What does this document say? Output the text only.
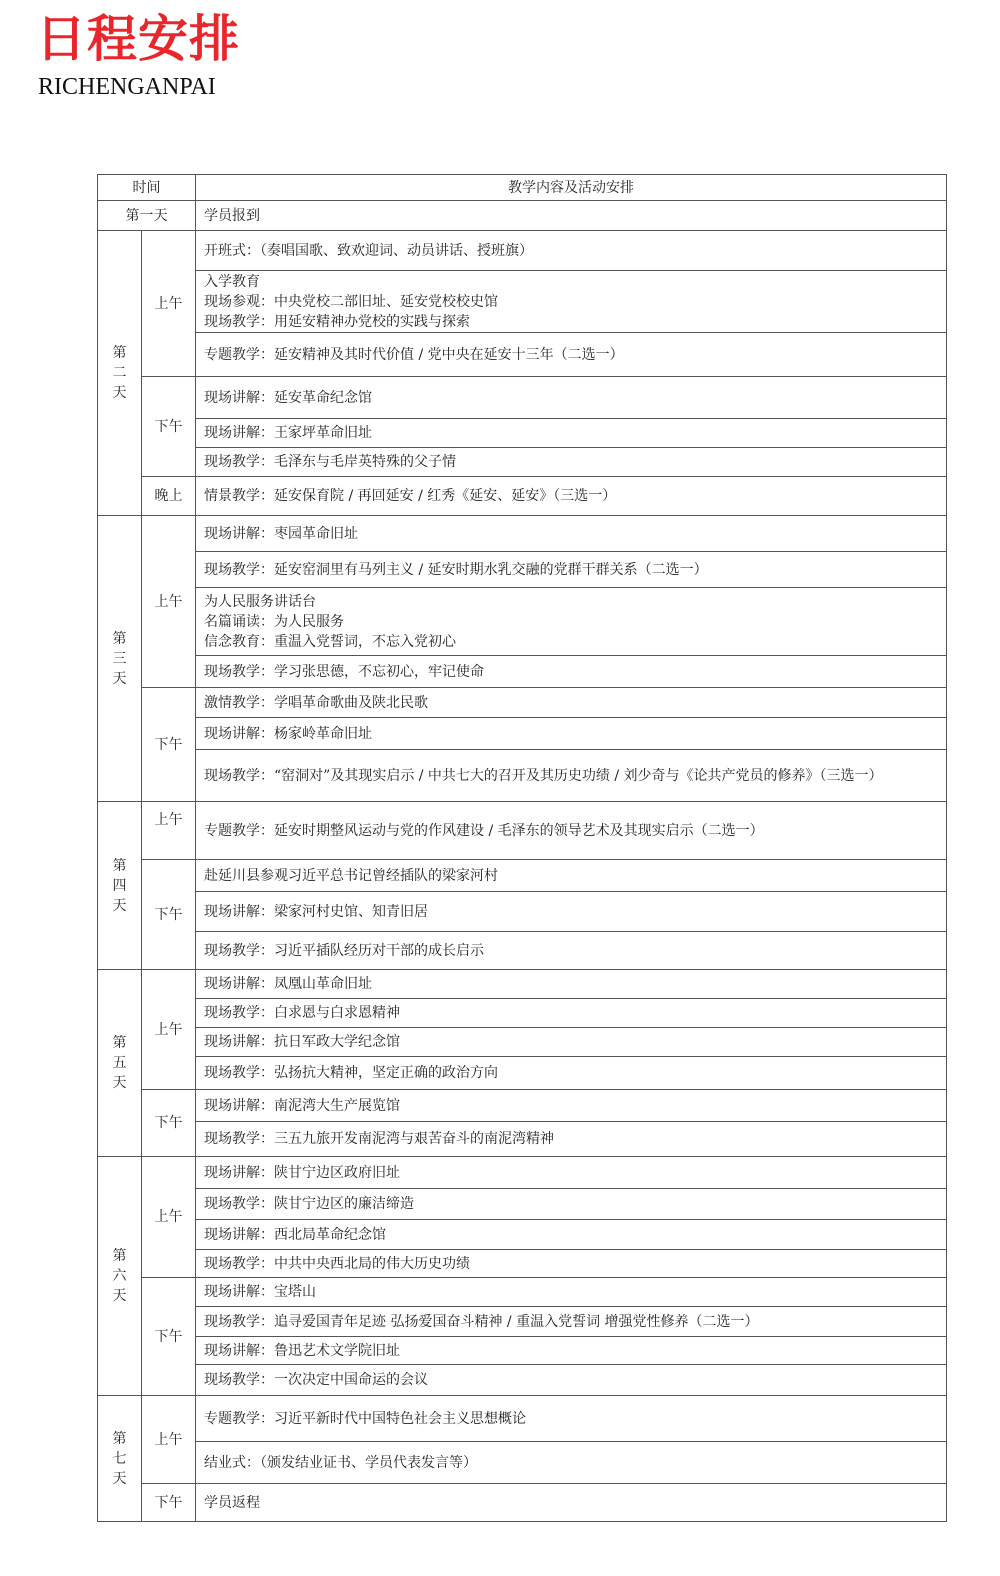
日程安排
RICHENGANPAI
时间		教学内容及活动安排
第一天		学员报到
第
二
天	上午	开班式：（奏唱国歌、致欢迎词、动员讲话、授班旗）

		入学教育
现场参观：中央党校二部旧址、延安党校校史馆
现场教学：用延安精神办党校的实践与探索

		专题教学：延安精神及其时代价值 / 党中央在延安十三年（二选一）

	下午	现场讲解：延安革命纪念馆

		现场讲解：王家坪革命旧址

		现场教学：毛泽东与毛岸英特殊的父子情

	晚上	情景教学：延安保育院 / 再回延安 / 红秀《延安、延安》（三选一）

第
三
天	上午	现场讲解：枣园革命旧址

		现场教学：延安窑洞里有马列主义 / 延安时期水乳交融的党群干群关系（二选一）

		为人民服务讲话台
名篇诵读：为人民服务
信念教育：重温入党誓词，不忘入党初心

		现场教学：学习张思德，不忘初心，牢记使命

	下午	激情教学：学唱革命歌曲及陕北民歌

		现场讲解：杨家岭革命旧址

		现场教学：“窑洞对”及其现实启示 / 中共七大的召开及其历史功绩 / 刘少奇与《论共产党员的修养》（三选一）

第
四
天	上午	专题教学：延安时期整风运动与党的作风建设 / 毛泽东的领导艺术及其现实启示（二选一）

	下午	赴延川县参观习近平总书记曾经插队的梁家河村

		现场讲解：梁家河村史馆、知青旧居

		现场教学：习近平插队经历对干部的成长启示

第
五
天	上午	现场讲解：凤凰山革命旧址

		现场教学：白求恩与白求恩精神

		现场讲解：抗日军政大学纪念馆

		现场教学：弘扬抗大精神，坚定正确的政治方向

	下午	现场讲解：南泥湾大生产展览馆

		现场教学：三五九旅开发南泥湾与艰苦奋斗的南泥湾精神

第
六
天	上午	现场讲解：陕甘宁边区政府旧址

		现场教学：陕甘宁边区的廉洁缔造

		现场讲解：西北局革命纪念馆

		现场教学：中共中央西北局的伟大历史功绩

	下午	现场讲解：宝塔山

		现场教学：追寻爱国青年足迹 弘扬爱国奋斗精神 / 重温入党誓词 增强党性修养（二选一）

		现场讲解：鲁迅艺术文学院旧址

		现场教学：一次决定中国命运的会议

第
七
天	上午	专题教学：习近平新时代中国特色社会主义思想概论

		结业式：（颁发结业证书、学员代表发言等）

	下午	学员返程
